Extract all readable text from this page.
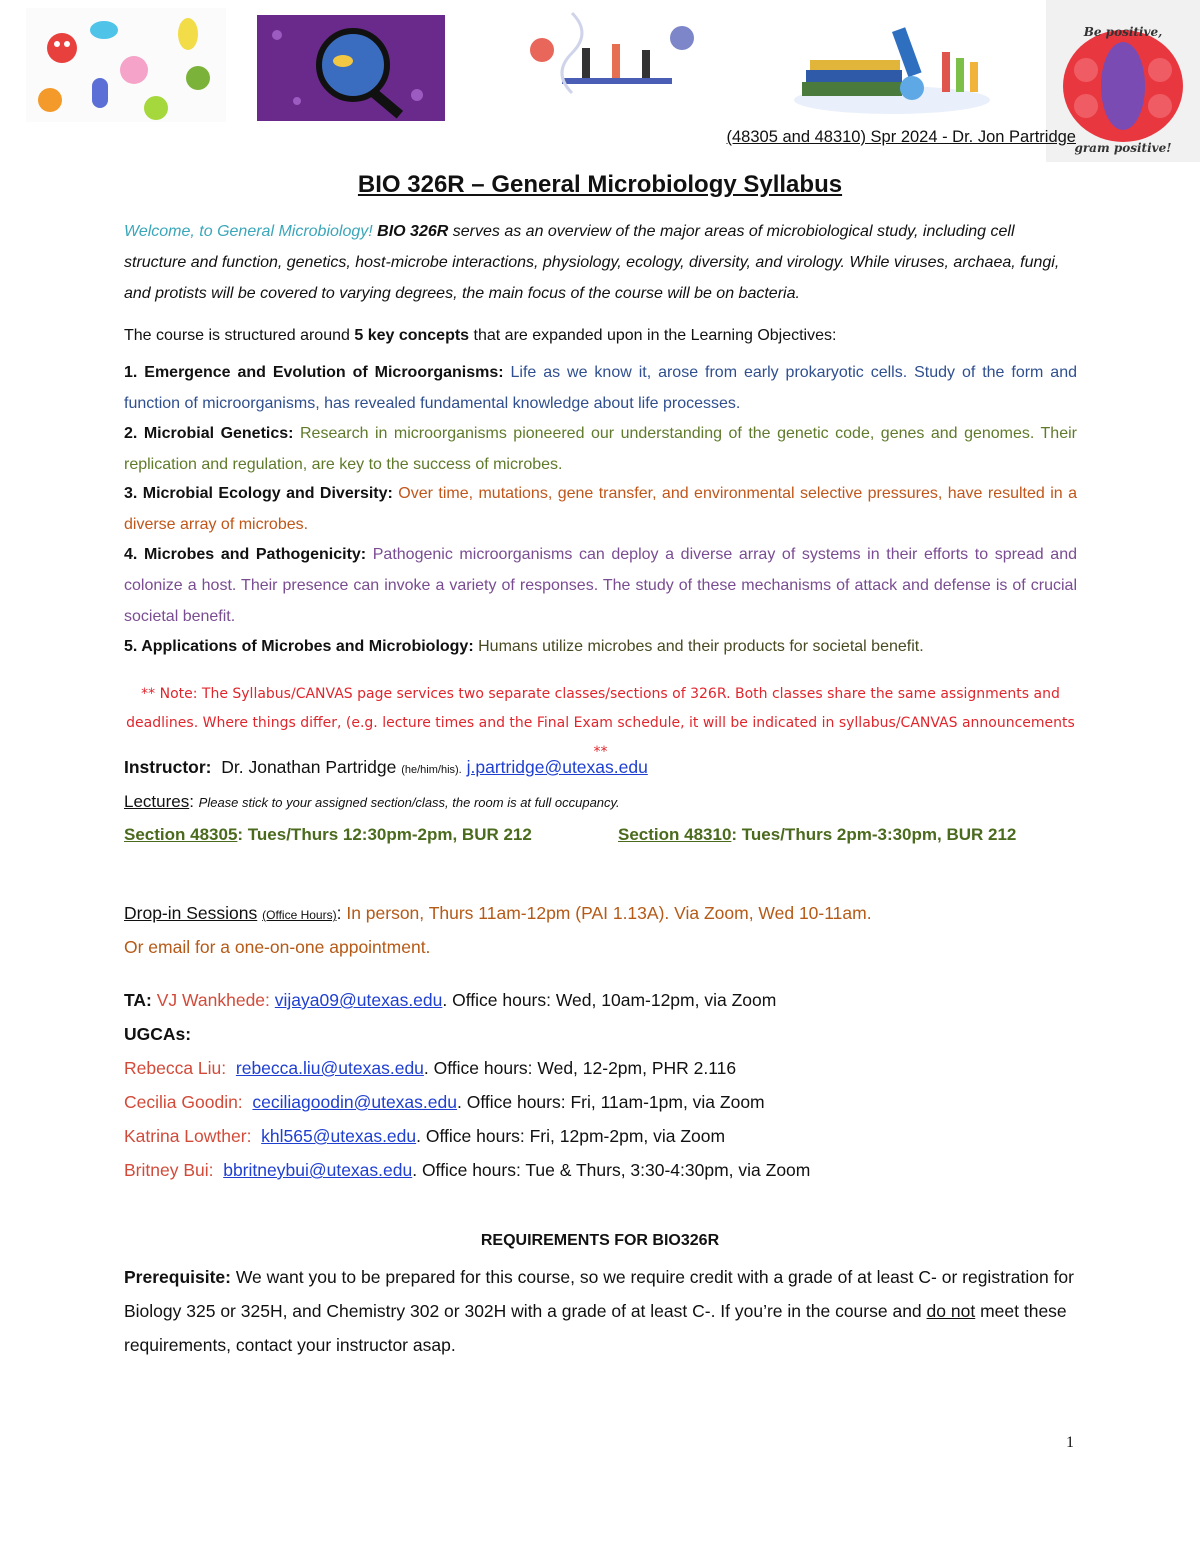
Be positive,
gram positive!
(48305 and 48310) Spr 2024 - Dr. Jon Partridge
BIO 326R – General Microbiology Syllabus
Welcome, to General Microbiology! BIO 326R serves as an overview of the major areas of microbiological study, including cell structure and function, genetics, host-microbe interactions, physiology, ecology, diversity, and virology. While viruses, archaea, fungi, and protists will be covered to varying degrees, the main focus of the course will be on bacteria.
The course is structured around 5 key concepts that are expanded upon in the Learning Objectives:
1. Emergence and Evolution of Microorganisms: Life as we know it, arose from early prokaryotic cells. Study of the form and function of microorganisms, has revealed fundamental knowledge about life processes.
2. Microbial Genetics: Research in microorganisms pioneered our understanding of the genetic code, genes and genomes. Their replication and regulation, are key to the success of microbes.
3. Microbial Ecology and Diversity: Over time, mutations, gene transfer, and environmental selective pressures, have resulted in a diverse array of microbes.
4. Microbes and Pathogenicity: Pathogenic microorganisms can deploy a diverse array of systems in their efforts to spread and colonize a host. Their presence can invoke a variety of responses. The study of these mechanisms of attack and defense is of crucial societal benefit.
5. Applications of Microbes and Microbiology: Humans utilize microbes and their products for societal benefit.
** Note: The Syllabus/CANVAS page services two separate classes/sections of 326R. Both classes share the same assignments and deadlines. Where things differ, (e.g. lecture times and the Final Exam schedule, it will be indicated in syllabus/CANVAS announcements **
Instructor: Dr. Jonathan Partridge (he/him/his). j.partridge@utexas.edu
Lectures: Please stick to your assigned section/class, the room is at full occupancy.
Section 48305: Tues/Thurs 12:30pm-2pm, BUR 212	Section 48310: Tues/Thurs 2pm-3:30pm, BUR 212
Drop-in Sessions (Office Hours): In person, Thurs 11am-12pm (PAI 1.13A). Via Zoom, Wed 10-11am.
Or email for a one-on-one appointment.
TA: VJ Wankhede: vijaya09@utexas.edu. Office hours: Wed, 10am-12pm, via Zoom
UGCAs:
Rebecca Liu: rebecca.liu@utexas.edu. Office hours: Wed, 12-2pm, PHR 2.116
Cecilia Goodin: ceciliagoodin@utexas.edu. Office hours: Fri, 11am-1pm, via Zoom
Katrina Lowther: khl565@utexas.edu. Office hours: Fri, 12pm-2pm, via Zoom
Britney Bui: bbritneybui@utexas.edu. Office hours: Tue & Thurs, 3:30-4:30pm, via Zoom
REQUIREMENTS FOR BIO326R
Prerequisite: We want you to be prepared for this course, so we require credit with a grade of at least C- or registration for Biology 325 or 325H, and Chemistry 302 or 302H with a grade of at least C-. If you’re in the course and do not meet these requirements, contact your instructor asap.
1
